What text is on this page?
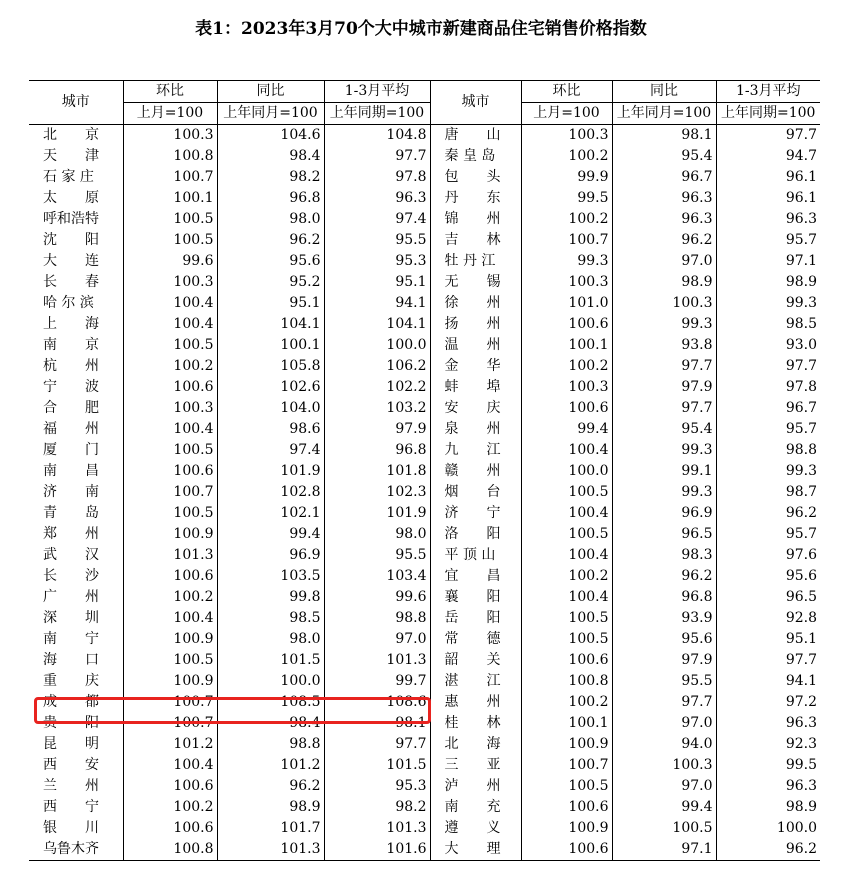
表1：2023年3月70个大中城市新建商品住宅销售价格指数
城市	环比	同比	1-3月平均	城市	环比	同比	1-3月平均
	上月=100	上年同月=100	上年同期=100		上月=100	上年同月=100	上年同期=100
北　　京	100.3	104.6	104.8	唐　　山	100.3	98.1	97.7
天　　津	100.8	98.4	97.7	秦 皇 岛	100.2	95.4	94.7
石 家 庄	100.7	98.2	97.8	包　　头	99.9	96.7	96.1
太　　原	100.1	96.8	96.3	丹　　东	99.5	96.3	96.1
呼和浩特	100.5	98.0	97.4	锦　　州	100.2	96.3	96.3
沈　　阳	100.5	96.2	95.5	吉　　林	100.7	96.2	95.7
大　　连	99.6	95.6	95.3	牡 丹 江	99.3	97.0	97.1
长　　春	100.3	95.2	95.1	无　　锡	100.3	98.9	98.9
哈 尔 滨	100.4	95.1	94.1	徐　　州	101.0	100.3	99.3
上　　海	100.4	104.1	104.1	扬　　州	100.6	99.3	98.5
南　　京	100.5	100.1	100.0	温　　州	100.1	93.8	93.0
杭　　州	100.2	105.8	106.2	金　　华	100.2	97.7	97.7
宁　　波	100.6	102.6	102.2	蚌　　埠	100.3	97.9	97.8
合　　肥	100.3	104.0	103.2	安　　庆	100.6	97.7	96.7
福　　州	100.4	98.6	97.9	泉　　州	99.4	95.4	95.7
厦　　门	100.5	97.4	96.8	九　　江	100.4	99.3	98.8
南　　昌	100.6	101.9	101.8	赣　　州	100.0	99.1	99.3
济　　南	100.7	102.8	102.3	烟　　台	100.5	99.3	98.7
青　　岛	100.5	102.1	101.9	济　　宁	100.4	96.9	96.2
郑　　州	100.9	99.4	98.0	洛　　阳	100.5	96.5	95.7
武　　汉	101.3	96.9	95.5	平 顶 山	100.4	98.3	97.6
长　　沙	100.6	103.5	103.4	宜　　昌	100.2	96.2	95.6
广　　州	100.2	99.8	99.6	襄　　阳	100.4	96.8	96.5
深　　圳	100.4	98.5	98.8	岳　　阳	100.5	93.9	92.8
南　　宁	100.9	98.0	97.0	常　　德	100.5	95.6	95.1
海　　口	100.5	101.5	101.3	韶　　关	100.6	97.9	97.7
重　　庆	100.9	100.0	99.7	湛　　江	100.8	95.5	94.1
成　　都	100.7	108.5	108.6	惠　　州	100.2	97.7	97.2
贵　　阳	100.7	98.4	98.1	桂　　林	100.1	97.0	96.3
昆　　明	101.2	98.8	97.7	北　　海	100.9	94.0	92.3
西　　安	100.4	101.2	101.5	三　　亚	100.7	100.3	99.5
兰　　州	100.6	96.2	95.3	泸　　州	100.5	97.0	96.3
西　　宁	100.2	98.9	98.2	南　　充	100.6	99.4	98.9
银　　川	100.6	101.7	101.3	遵　　义	100.9	100.5	100.0
乌鲁木齐	100.8	101.3	101.6	大　　理	100.6	97.1	96.2
